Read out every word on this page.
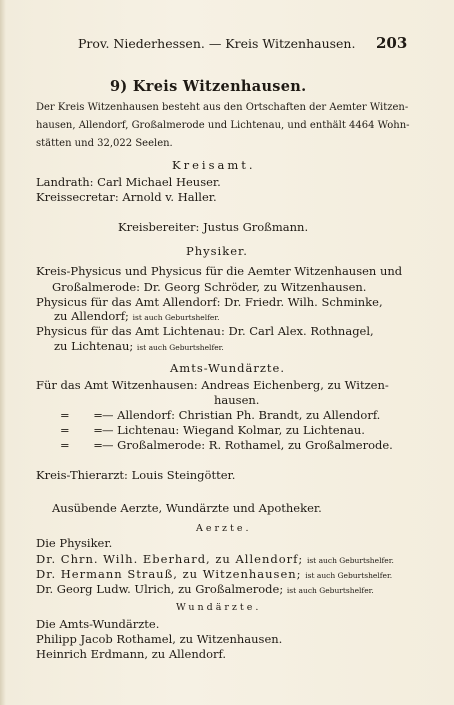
Prov. Niederhessen. — Kreis Witzenhausen. 203
9) Kreis Witzenhausen.
Der Kreis Witzenhausen besteht aus den Ortschaften der Aemter Witzen-
hausen, Allendorf, Großalmerode und Lichtenau, und enthält 4464 Wohn-
stätten und 32,022 Seelen.
Kreisamt.
Landrath: Carl Michael Heuser.
Kreissecretar: Arnold v. Haller.
Kreisbereiter: Justus Großmann.
Physiker.
Kreis-Physicus und Physicus für die Aemter Witzenhausen und
Großalmerode: Dr. Georg Schröder, zu Witzenhausen.
Physicus für das Amt Allendorf: Dr. Friedr. Wilh. Schminke,
zu Allendorf; ist auch Geburtshelfer.
Physicus für das Amt Lichtenau: Dr. Carl Alex. Rothnagel,
zu Lichtenau; ist auch Geburtshelfer.
Amts-Wundärzte.
Für das Amt Witzenhausen: Andreas Eichenberg, zu Witzen-
hausen.
= =
— Allendorf: Christian Ph. Brandt, zu Allendorf.
= =
— Lichtenau: Wiegand Kolmar, zu Lichtenau.
= =
— Großalmerode: R. Rothamel, zu Großalmerode.
Kreis-Thierarzt: Louis Steingötter.
Ausübende Aerzte, Wundärzte und Apotheker.
Aerzte.
Die Physiker.
Dr. Chrn. Wilh. Eberhard, zu Allendorf; ist auch Geburtshelfer.
Dr. Hermann Strauß, zu Witzenhausen; ist auch Geburtshelfer.
Dr. Georg Ludw. Ulrich, zu Großalmerode; ist auch Geburtshelfer.
Wundärzte.
Die Amts-Wundärzte.
Philipp Jacob Rothamel, zu Witzenhausen.
Heinrich Erdmann, zu Allendorf.
